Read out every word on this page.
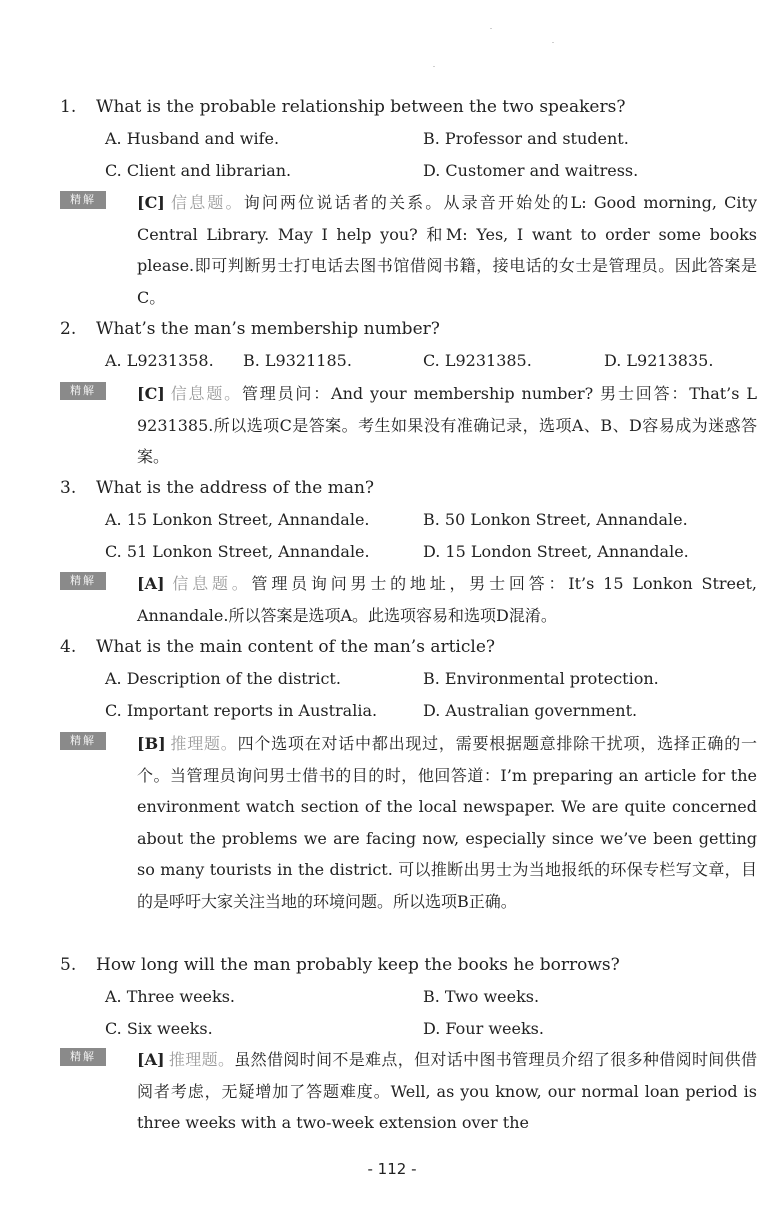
1. What is the probable relationship between the two speakers?
A. Husband and wife.	B. Professor and student.
C. Client and librarian.	D. Customer and waitress.
精解	[C] 信息题。询问两位说话者的关系。从录音开始处的L: Good morning, City Central Library. May I help you? 和M: Yes, I want to order some books please.即可判断男士打电话去图书馆借阅书籍，接电话的女士是管理员。因此答案是C。
2. What’s the man’s membership number?
A. L9231358. B. L9321185.	C. L9231385.	D. L9213835.
精解	[C] 信息题。管理员问：And your membership number? 男士回答：That’s L 9231385.所以选项C是答案。考生如果没有准确记录，选项A、B、D容易成为迷惑答案。
3. What is the address of the man?
A. 15 Lonkon Street, Annandale.	B. 50 Lonkon Street, Annandale.
C. 51 Lonkon Street, Annandale.	D. 15 London Street, Annandale.
精解	[A] 信息题。管理员询问男士的地址，男士回答：It’s 15 Lonkon Street, Annandale.所以答案是选项A。此选项容易和选项D混淆。
4. What is the main content of the man’s article?
A. Description of the district.	B. Environmental protection.
C. Important reports in Australia.	D. Australian government.
精解	[B] 推理题。四个选项在对话中都出现过，需要根据题意排除干扰项，选择正确的一个。当管理员询问男士借书的目的时，他回答道：I’m preparing an article for the environment watch section of the local newspaper. We are quite concerned about the problems we are facing now, especially since we’ve been getting so many tourists in the district. 可以推断出男士为当地报纸的环保专栏写文章，目的是呼吁大家关注当地的环境问题。所以选项B正确。
5. How long will the man probably keep the books he borrows?
A. Three weeks.	B. Two weeks.
C. Six weeks.	D. Four weeks.
精解	[A] 推理题。虽然借阅时间不是难点，但对话中图书管理员介绍了很多种借阅时间供借阅者考虑，无疑增加了答题难度。Well, as you know, our normal loan period is three weeks with a two-week extension over the
- 112 -
